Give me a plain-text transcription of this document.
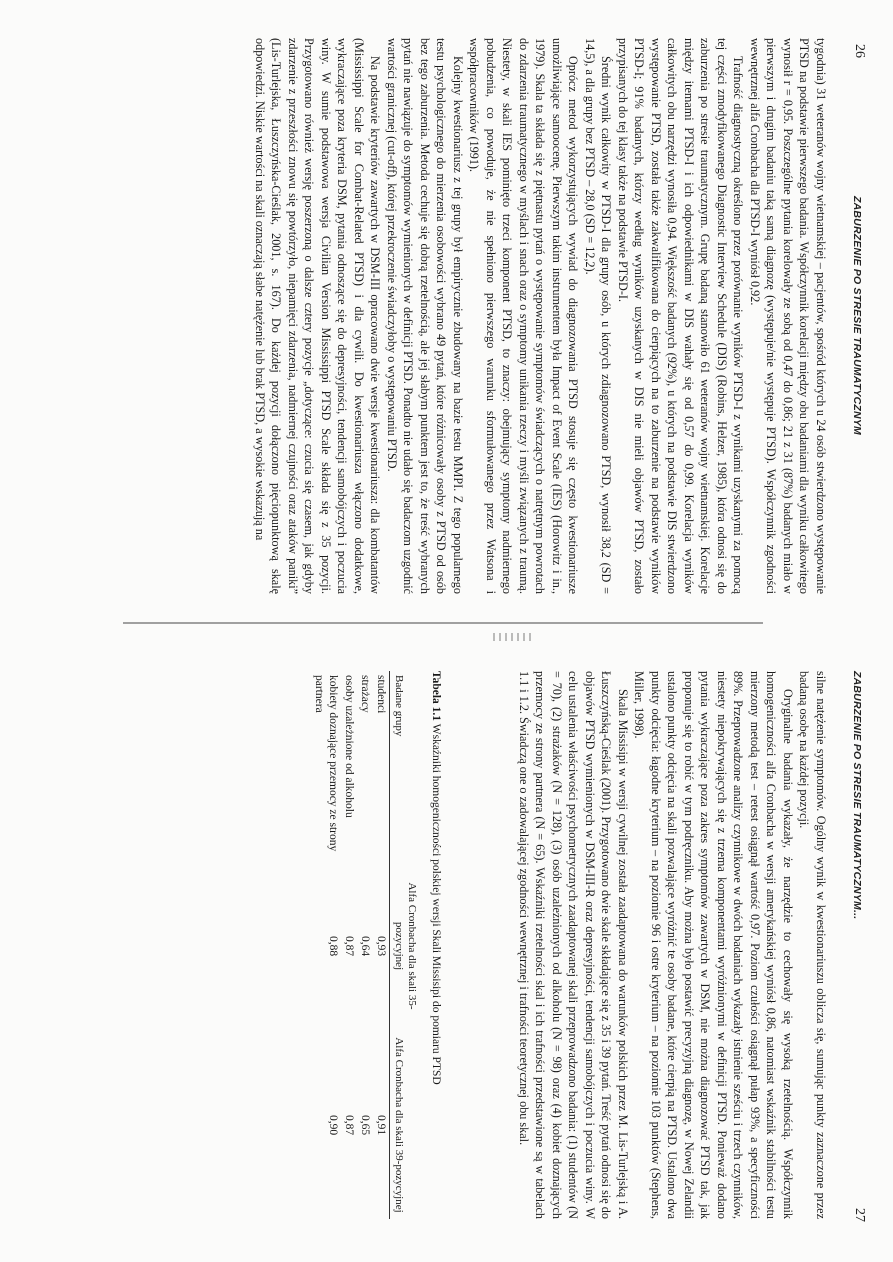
26
ZABURZENIE PO STRESIE TRAUMATYCZNYM

tygodnia) 31 weteranów wojny wietnamskiej – pacjentów, spośród których u 24 osób stwierdzono występowanie PTSD na podstawie pierwszego badania. Współczynnik korelacji między obu badaniami dla wyniku całkowitego wynosił r = 0,95. Poszczególne pytania korelowały ze sobą od 0,47 do 0,86; 21 z 31 (87%) badanych miało w pierwszym i drugim badaniu taką samą diagnozę (występuje/nie występuje PTSD). Współczynnik zgodności wewnętrznej alfa Cronbacha dla PTSD-I wyniósł 0,92.

Trafność diagnostyczną określono przez porównanie wyników PTSD-I z wynikami uzyskanymi za pomocą tej części zmodyfikowanego Diagnostic Interview Schedule (DIS) (Robins, Helzer, 1985), która odnosi się do zaburzenia po stresie traumatycznym. Grupę badaną stanowiło 61 weteranów wojny wietnamskiej. Korelacje między itemami PTSD-I i ich odpowiednikami w DIS wahały się od 0,57 do 0,99. Korelacja wyników całkowitych obu narzędzi wynosiła 0,94. Większość badanych (92%), u których na podstawie DIS stwierdzono występowanie PTSD, została także zakwalifikowana do cierpiących na to zaburzenie na podstawie wyników PTSD-I; 91% badanych, którzy według wyników uzyskanych w DIS nie mieli objawów PTSD, zostało przypisanych do tej klasy także na podstawie PTSD-I.

Średni wynik całkowity w PTSD-I dla grupy osób, u których zdiagnozowano PTSD, wynosił 38,2 (SD = 14,5), a dla grupy bez PTSD – 28,0 (SD = 12,2).

Oprócz metod wykorzystujących wywiad do diagnozowania PTSD stosuje się często kwestionariusze umożliwiające samoocenę. Pierwszym takim instrumentem była Impact of Event Scale (IES) (Horowitz i in., 1979). Skala ta składa się z piętnastu pytań o występowanie symptomów świadczących o natrętnym powrotach do zdarzenia traumatycznego w myślach i snach oraz o symptomy unikania rzeczy i myśli związanych z traumą. Niestety, w skali IES pominięto trzeci komponent PTSD, to znaczy: obejmujący symptomy nadmiernego pobudzenia, co powoduje, że nie spełniono pierwszego warunku sformułowanego przez Watsona i współpracowników (1991).

Kolejny kwestionariusz z tej grupy był empirycznie zbudowany na bazie testu MMPI. Z tego popularnego testu psychologicznego do mierzenia osobowości wybrano 49 pytań, które różnicowały osoby z PTSD od osób bez tego zaburzenia. Metoda cechuje się dobrą rzetelnością, ale jej słabym punktem jest to, że treść wybranych pytań nie nawiązuje do symptomów wymienionych w definicji PTSD. Ponadto nie udało się badaczom uzgodnić wartości granicznej (cut-off), której przekroczenie świadczyłoby o występowaniu PTSD.

Na podstawie kryteriów zawartych w DSM-III opracowano dwie wersje kwestionariusza: dla kombatantów (Mississippi Scale for Combat-Related PTSD) i dla cywili. Do kwestionariusza włączono dodatkowe, wykraczające poza kryteria DSM, pytania odnoszące się do depresyjności, tendencji samobójczych i poczucia winy. W sumie podstawowa wersja Civilian Version Mississippi PTSD Scale składa się z 35 pozycji. Przygotowano również wersję poszerzoną o dalsze cztery pozycje „dotyczące: czucia się czasem, jak gdyby zdarzenie z przeszłości znowu się powtórzyło, niepamięci zdarzenia, nadmiernej czujności oraz ataków paniki” (Lis-Turlejska, Łuszczyńska-Cieślak, 2001, s. 167). Do każdej pozycji dołączono pięciopunktową skalę odpowiedzi. Niskie wartości na skali oznaczają słabe natężenie lub brak PTSD, a wysokie wskazują na

ZABURZENIE PO STRESIE TRAUMATYCZNYM...
27

silne natężenie symptomów. Ogólny wynik w kwestionariuszu oblicza się, sumując punkty zaznaczone przez badaną osobę na każdej pozycji.

Oryginalne badania wykazały, że narzędzie to cechowały się wysoką rzetelnością. Współczynnik homogeniczności alfa Cronbacha w wersji amerykańskiej wyniósł 0,86, natomiast wskaźnik stabilności testu mierzony metodą test – retest osiągnął wartość 0,97. Poziom czułości osiągnął pułap 93%, a specyficzności 89%. Przeprowadzone analizy czynnikowe w dwóch badaniach wykazały istnienie sześciu i trzech czynników, niestety niepokrywających się z trzema komponentami wyróżnionymi w definicji PTSD. Ponieważ dodano pytania wykraczające poza zakres symptomów zawartych w DSM, nie można diagnozować PTSD tak, jak proponuje się to robić w tym podręczniku. Aby można było postawić precyzyjną diagnozę, w Nowej Zelandii ustalono punkty odcięcia na skali pozwalające wyróżnić te osoby badane, które cierpią na PTSD. Ustalono dwa punkty odcięcia: łagodne kryterium – na poziomie 96 i ostre kryterium – na poziomie 103 punktów (Stephens, Miller, 1998).

Skala Missisipi w wersji cywilnej została zaadaptowana do warunków polskich przez M. Lis-Turlejską i A. Łuszczyńską-Cieślak (2001). Przygotowano dwie skale składające się z 35 i 39 pytań. Treść pytań odnosi się do objawów PTSD wymienionych w DSM-III-R oraz depresyjności, tendencji samobójczych i poczucia winy. W celu ustalenia właściwości psychometrycznych zaadaptowanej skali przeprowadzono badania: (1) studentów (N = 70), (2) strażaków (N = 128), (3) osób uzależnionych od alkoholu (N = 98) oraz (4) kobiet doznających przemocy ze strony partnera (N = 65). Wskaźniki rzetelności skal i ich trafności przedstawione są w tabelach 1.1 i 1.2. Świadczą one o zadowalającej zgodności wewnętrznej i trafności teoretycznej obu skal.

Tabela 1.1 Wskaźniki homogeniczności polskiej wersji Skali Missisipi do pomiaru PTSD
Badane grupy	Alfa Cronbacha dla skali 35-pozycyjnej	Alfa Cronbacha dla skali 39-pozycyjnej
studenci	0,93	0,91
strażacy	0,64	0,65
osoby uzależnione od alkoholu	0,87	0,87
kobiety doznające przemocy ze strony partnera	0,88	0,90
